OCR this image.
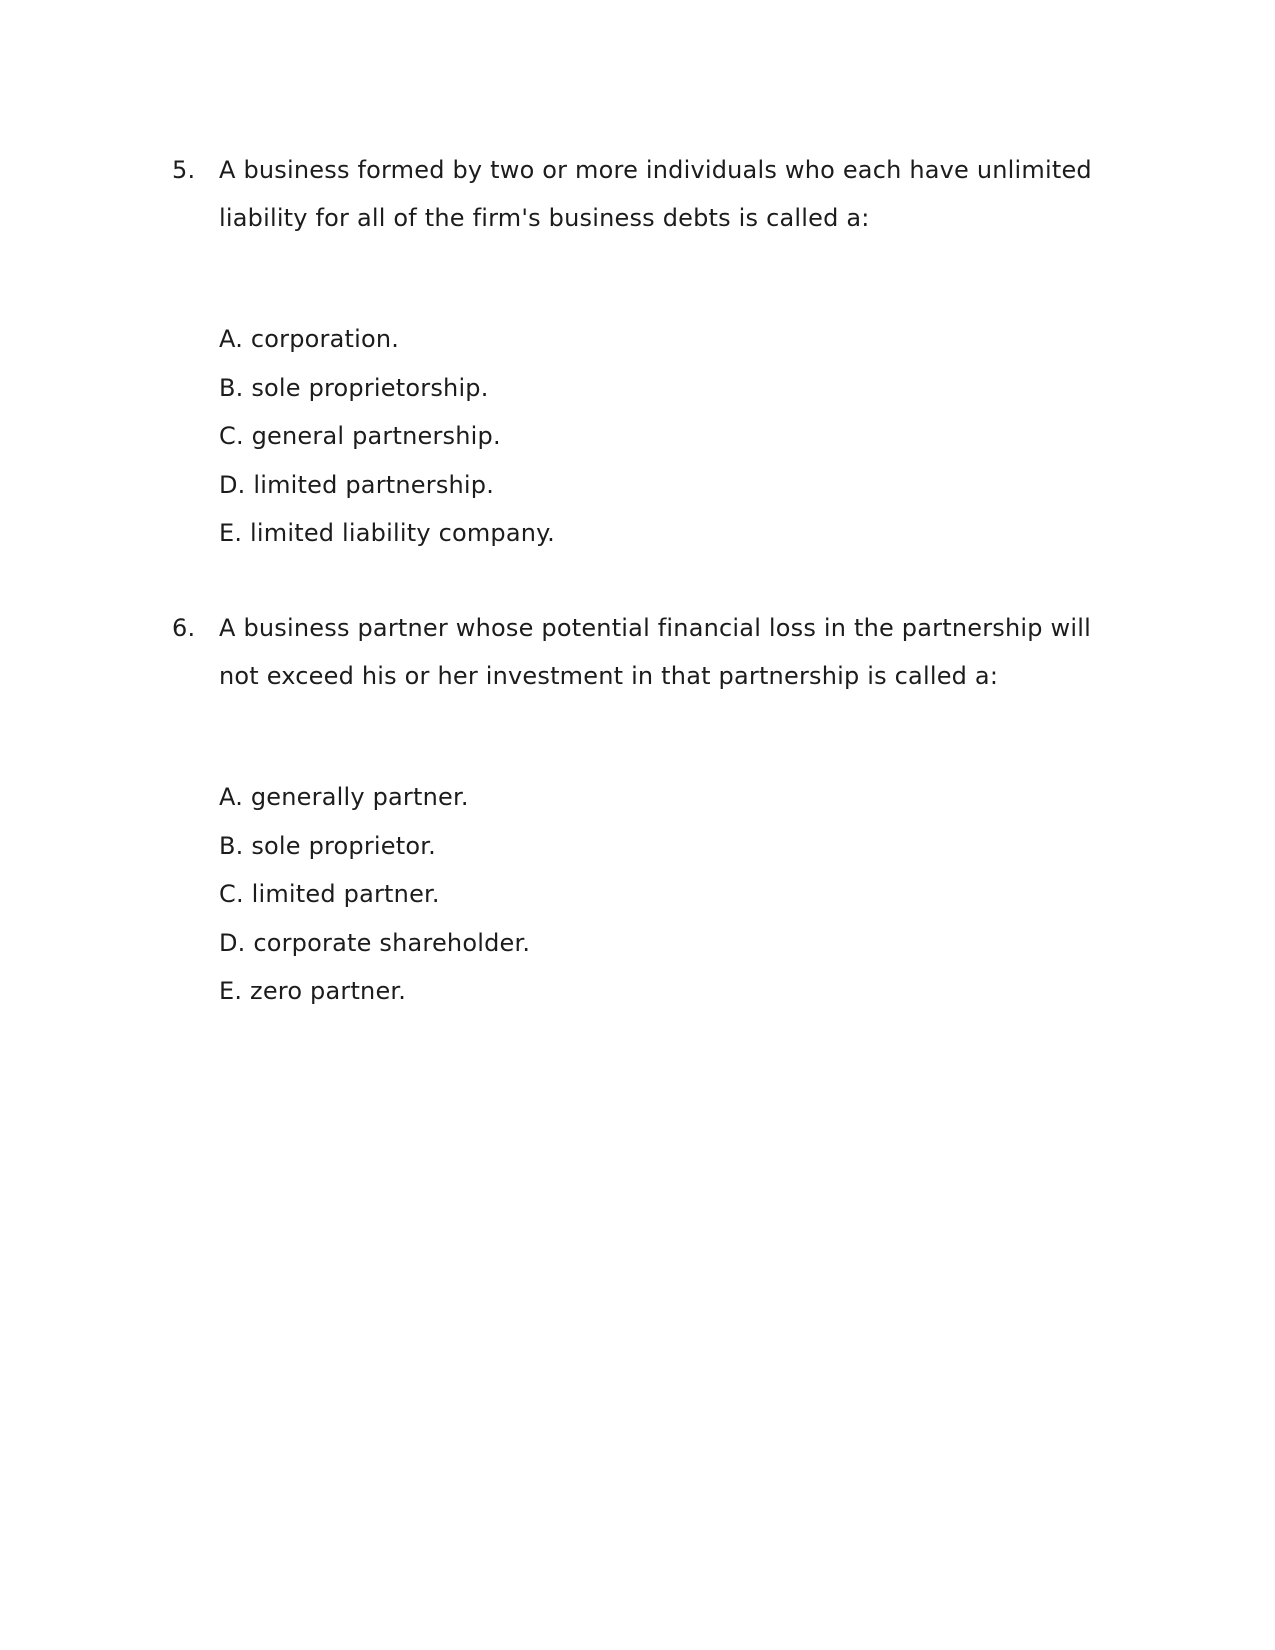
5. A business formed by two or more individuals who each have unlimited liability for all of the firm's business debts is called a:

A. corporation.
B. sole proprietorship.
C. general partnership.
D. limited partnership.
E. limited liability company.
6. A business partner whose potential financial loss in the partnership will not exceed his or her investment in that partnership is called a:

A. generally partner.
B. sole proprietor.
C. limited partner.
D. corporate shareholder.
E. zero partner.
